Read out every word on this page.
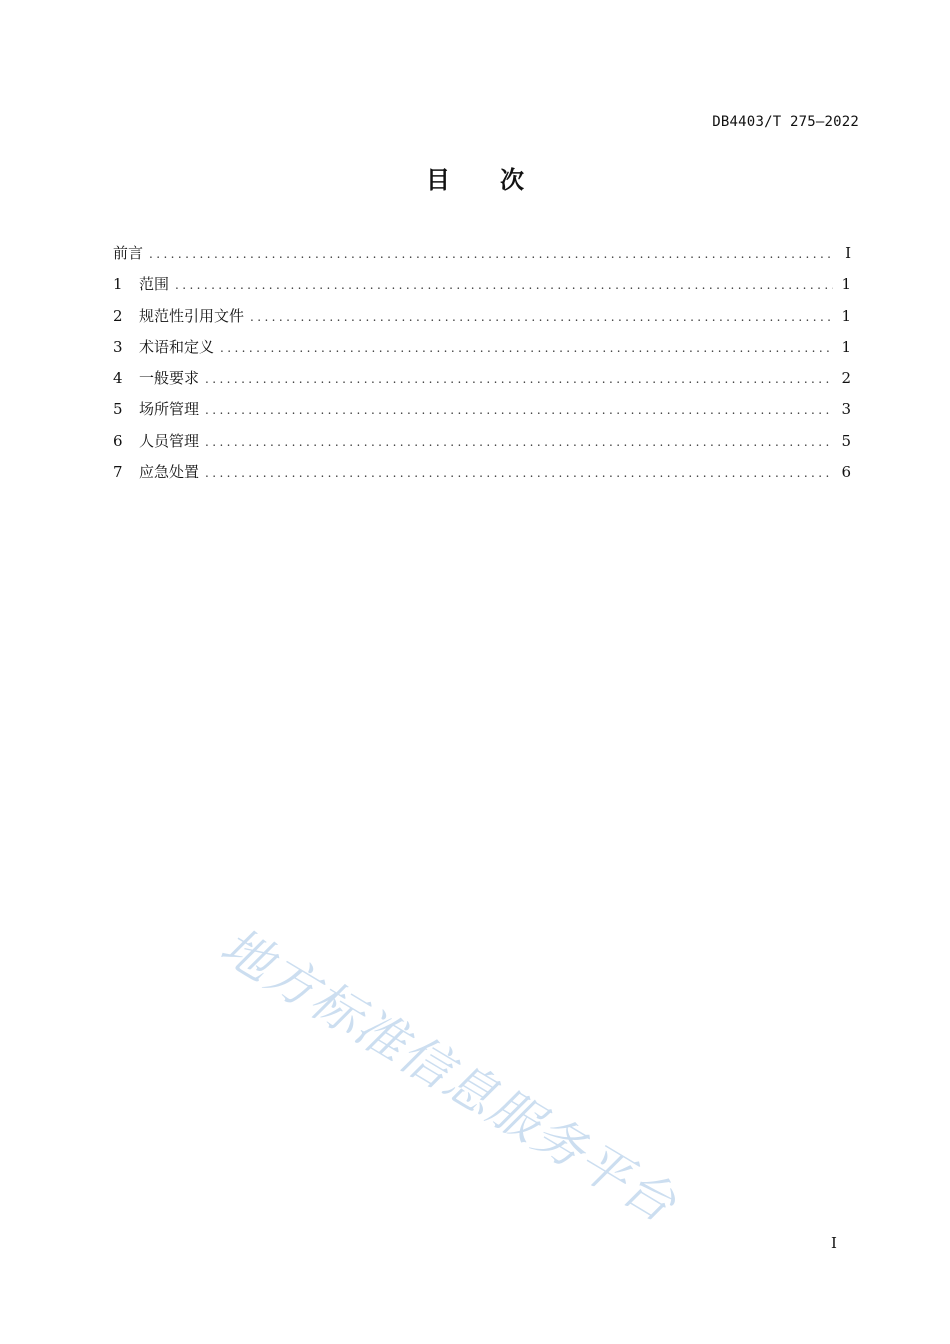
DB4403/T 275—2022
目 次
前言 .....	I
1	范围 .....	1
2	规范性引用文件 .....	1
3	术语和定义 .....	1
4	一般要求 .....	2
5	场所管理 .....	3
6	人员管理 .....	5
7	应急处置 .....	6
地方标准信息服务平台
I
